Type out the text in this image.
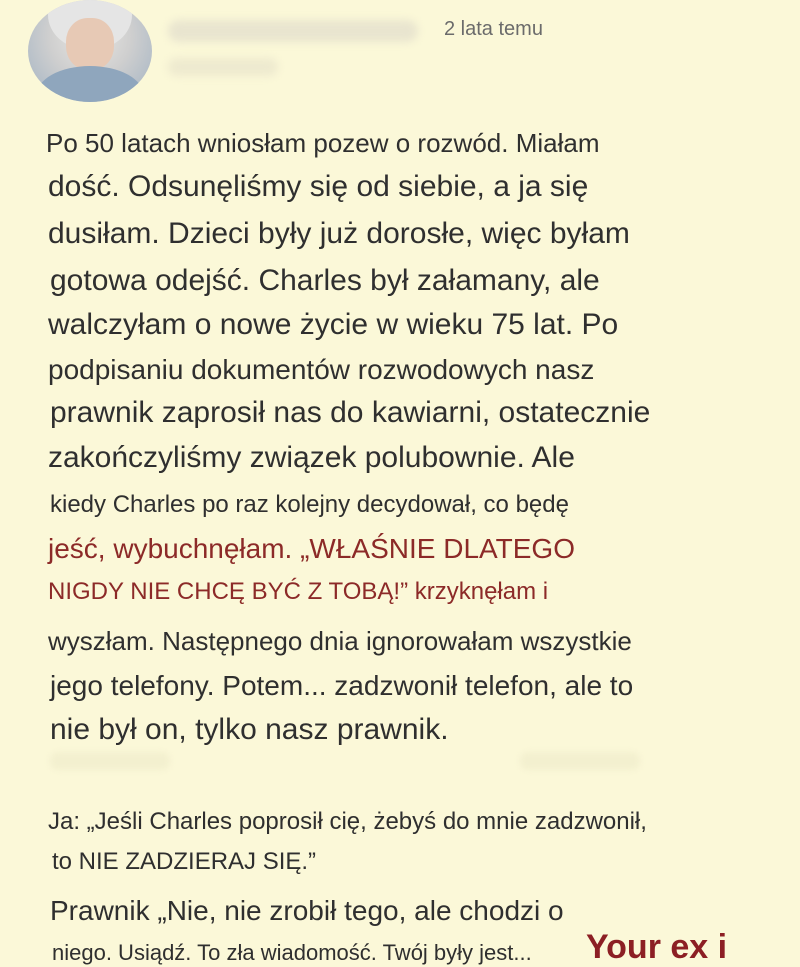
2 lata temu
Po 50 latach wniosłam pozew o rozwód. Miałam
dość. Odsunęliśmy się od siebie, a ja się
dusiłam. Dzieci były już dorosłe, więc byłam
gotowa odejść. Charles był załamany, ale
walczyłam o nowe życie w wieku 75 lat. Po
podpisaniu dokumentów rozwodowych nasz
prawnik zaprosił nas do kawiarni, ostatecznie
zakończyliśmy związek polubownie. Ale
kiedy Charles po raz kolejny decydował, co będę
jeść, wybuchnęłam. „WŁAŚNIE DLATEGO
NIGDY NIE CHCĘ BYĆ Z TOBĄ!” krzyknęłam i
wyszłam. Następnego dnia ignorowałam wszystkie
jego telefony. Potem... zadzwonił telefon, ale to
nie był on, tylko nasz prawnik.
Ja: „Jeśli Charles poprosił cię, żebyś do mnie zadzwonił,
to NIE ZADZIERAJ SIĘ.”
Prawnik „Nie, nie zrobił tego, ale chodzi o
niego. Usiądź. To zła wiadomość. Twój były jest... Your ex i
